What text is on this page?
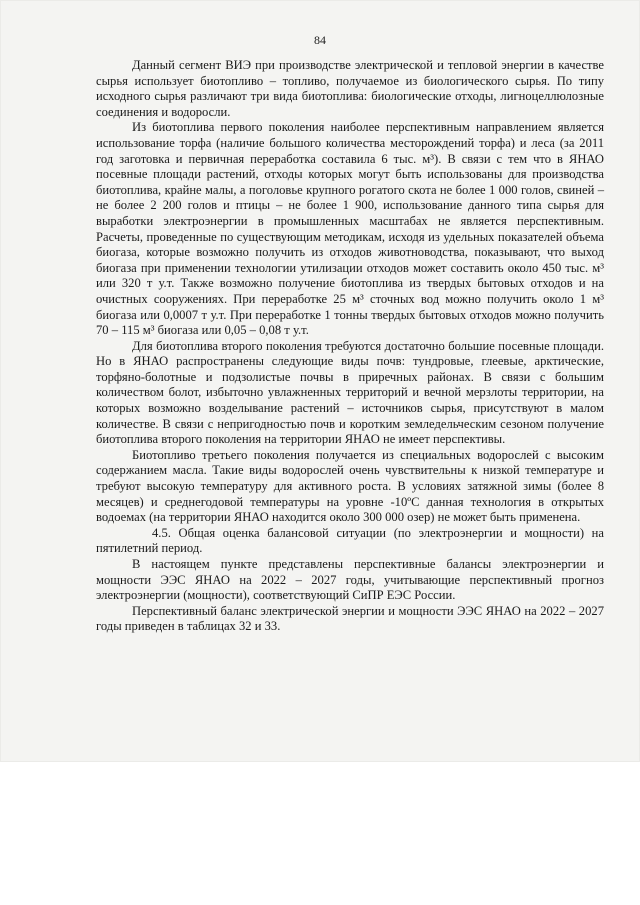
84

Данный сегмент ВИЭ при производстве электрической и тепловой энергии в качестве сырья использует биотопливо – топливо, получаемое из биологического сырья. По типу исходного сырья различают три вида биотоплива: биологические отходы, лигноцеллюлозные соединения и водоросли.

Из биотоплива первого поколения наиболее перспективным направлением является использование торфа (наличие большого количества месторождений торфа) и леса (за 2011 год заготовка и первичная переработка составила 6 тыс. м³). В связи с тем что в ЯНАО посевные площади растений, отходы которых могут быть использованы для производства биотоплива, крайне малы, а поголовье крупного рогатого скота не более 1 000 голов, свиней – не более 2 200 голов и птицы – не более 1 900, использование данного типа сырья для выработки электроэнергии в промышленных масштабах не является перспективным. Расчеты, проведенные по существующим методикам, исходя из удельных показателей объема биогаза, которые возможно получить из отходов животноводства, показывают, что выход биогаза при применении технологии утилизации отходов может составить около 450 тыс. м³ или 320 т у.т. Также возможно получение биотоплива из твердых бытовых отходов и на очистных сооружениях. При переработке 25 м³ сточных вод можно получить около 1 м³ биогаза или 0,0007 т у.т. При переработке 1 тонны твердых бытовых отходов можно получить 70 – 115 м³ биогаза или 0,05 – 0,08 т у.т.

Для биотоплива второго поколения требуются достаточно большие посевные площади. Но в ЯНАО распространены следующие виды почв: тундровые, глеевые, арктические, торфяно-болотные и подзолистые почвы в приречных районах. В связи с большим количеством болот, избыточно увлажненных территорий и вечной мерзлоты территории, на которых возможно возделывание растений – источников сырья, присутствуют в малом количестве. В связи с непригодностью почв и коротким земледельческим сезоном получение биотоплива второго поколения на территории ЯНАО не имеет перспективы.

Биотопливо третьего поколения получается из специальных водорослей с высоким содержанием масла. Такие виды водорослей очень чувствительны к низкой температуре и требуют высокую температуру для активного роста. В условиях затяжной зимы (более 8 месяцев) и среднегодовой температуры на уровне -10ºС данная технология в открытых водоемах (на территории ЯНАО находится около 300 000 озер) не может быть применена.

4.5. Общая оценка балансовой ситуации (по электроэнергии и мощности) на пятилетний период.

В настоящем пункте представлены перспективные балансы электроэнергии и мощности ЭЭС ЯНАО на 2022 – 2027 годы, учитывающие перспективный прогноз электроэнергии (мощности), соответствующий СиПР ЕЭС России.

Перспективный баланс электрической энергии и мощности ЭЭС ЯНАО на 2022 – 2027 годы приведен в таблицах 32 и 33.
